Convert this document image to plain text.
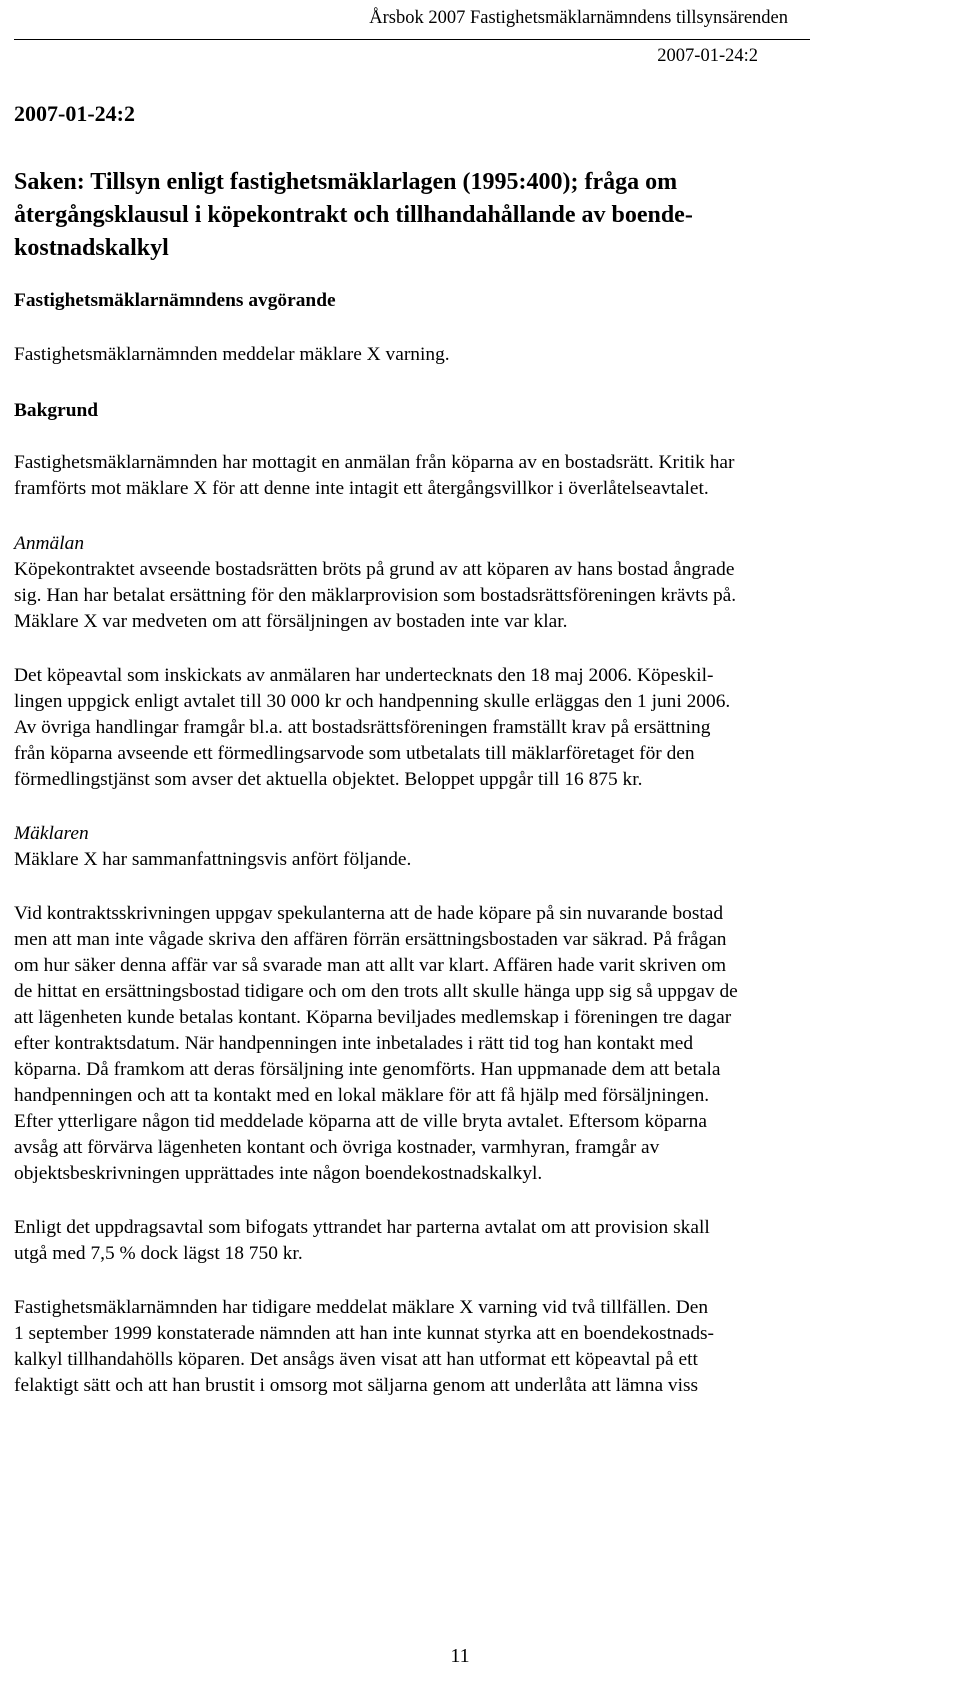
Årsbok 2007 Fastighetsmäklarnämndens tillsynsärenden
2007-01-24:2
2007-01-24:2
Saken: Tillsyn enligt fastighetsmäklarlagen (1995:400); fråga om
återgångsklausul i köpekontrakt och tillhandahållande av boende-
kostnadskalkyl
Fastighetsmäklarnämndens avgörande
Fastighetsmäklarnämnden meddelar mäklare X varning.
Bakgrund
Fastighetsmäklarnämnden har mottagit en anmälan från köparna av en bostadsrätt. Kritik har
framförts mot mäklare X för att denne inte intagit ett återgångsvillkor i överlåtelseavtalet.
Anmälan
Köpekontraktet avseende bostadsrätten bröts på grund av att köparen av hans bostad ångrade
sig. Han har betalat ersättning för den mäklarprovision som bostadsrättsföreningen krävts på.
Mäklare X var medveten om att försäljningen av bostaden inte var klar.
Det köpeavtal som inskickats av anmälaren har undertecknats den 18 maj 2006. Köpeskil-
lingen uppgick enligt avtalet till 30 000 kr och handpenning skulle erläggas den 1 juni 2006.
Av övriga handlingar framgår bl.a. att bostadsrättsföreningen framställt krav på ersättning
från köparna avseende ett förmedlingsarvode som utbetalats till mäklarföretaget för den
förmedlingstjänst som avser det aktuella objektet. Beloppet uppgår till 16 875 kr.
Mäklaren
Mäklare X har sammanfattningsvis anfört följande.
Vid kontraktsskrivningen uppgav spekulanterna att de hade köpare på sin nuvarande bostad
men att man inte vågade skriva den affären förrän ersättningsbostaden var säkrad. På frågan
om hur säker denna affär var så svarade man att allt var klart. Affären hade varit skriven om
de hittat en ersättningsbostad tidigare och om den trots allt skulle hänga upp sig så uppgav de
att lägenheten kunde betalas kontant. Köparna beviljades medlemskap i föreningen tre dagar
efter kontraktsdatum. När handpenningen inte inbetalades i rätt tid tog han kontakt med
köparna. Då framkom att deras försäljning inte genomförts. Han uppmanade dem att betala
handpenningen och att ta kontakt med en lokal mäklare för att få hjälp med försäljningen.
Efter ytterligare någon tid meddelade köparna att de ville bryta avtalet. Eftersom köparna
avsåg att förvärva lägenheten kontant och övriga kostnader, varmhyran, framgår av
objektsbeskrivningen upprättades inte någon boendekostnadskalkyl.
Enligt det uppdragsavtal som bifogats yttrandet har parterna avtalat om att provision skall
utgå med 7,5 % dock lägst 18 750 kr.
Fastighetsmäklarnämnden har tidigare meddelat mäklare X varning vid två tillfällen. Den
1 september 1999 konstaterade nämnden att han inte kunnat styrka att en boendekostnads-
kalkyl tillhandahölls köparen. Det ansågs även visat att han utformat ett köpeavtal på ett
felaktigt sätt och att han brustit i omsorg mot säljarna genom att underlåta att lämna viss
11
